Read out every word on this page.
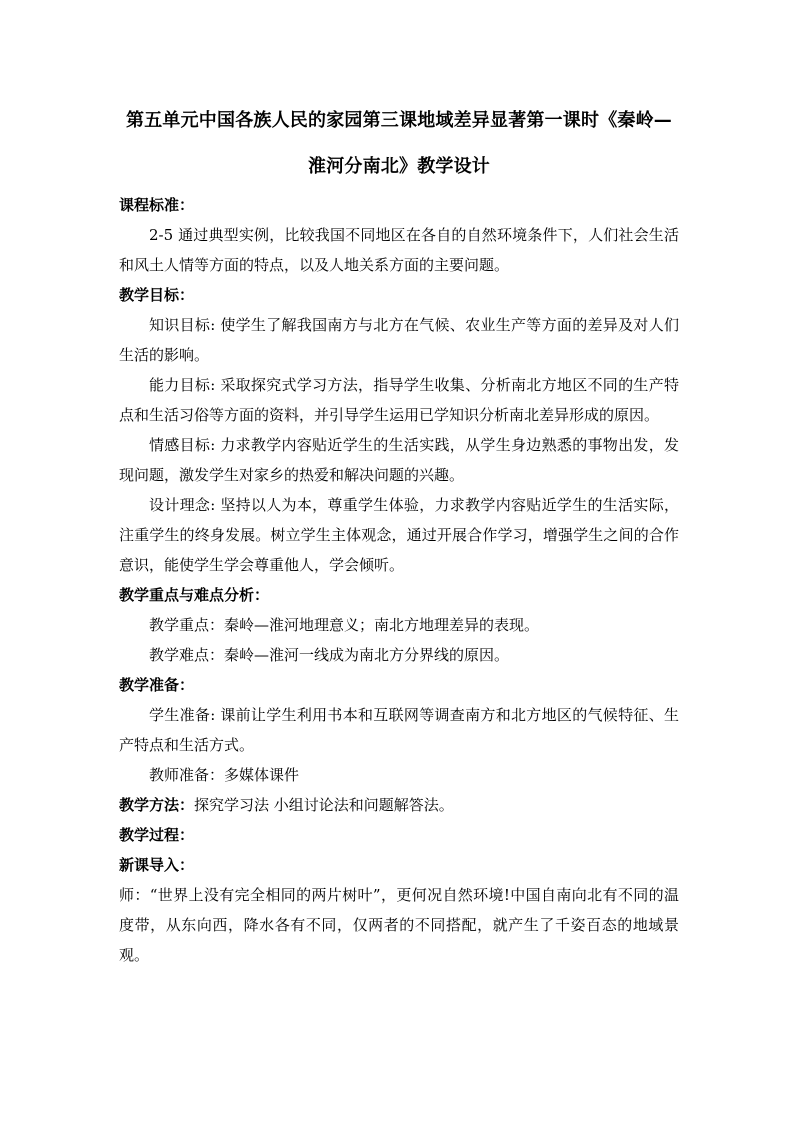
第五单元中国各族人民的家园第三课地域差异显著第一课时《秦岭—淮河分南北》教学设计

课程标准：

2-5 通过典型实例，比较我国不同地区在各自的自然环境条件下，人们社会生活和风土人情等方面的特点，以及人地关系方面的主要问题。

教学目标：

知识目标: 使学生了解我国南方与北方在气候、农业生产等方面的差异及对人们生活的影响。

能力目标: 采取探究式学习方法，指导学生收集、分析南北方地区不同的生产特点和生活习俗等方面的资料，并引导学生运用已学知识分析南北差异形成的原因。

情感目标: 力求教学内容贴近学生的生活实践，从学生身边熟悉的事物出发，发现问题，激发学生对家乡的热爱和解决问题的兴趣。

设计理念: 坚持以人为本，尊重学生体验，力求教学内容贴近学生的生活实际，注重学生的终身发展。树立学生主体观念，通过开展合作学习，增强学生之间的合作意识，能使学生学会尊重他人，学会倾听。

教学重点与难点分析：

教学重点：秦岭—淮河地理意义；南北方地理差异的表现。

教学难点：秦岭—淮河一线成为南北方分界线的原因。

教学准备：

学生准备: 课前让学生利用书本和互联网等调查南方和北方地区的气候特征、生产特点和生活方式。

教师准备：多媒体课件

教学方法：探究学习法 小组讨论法和问题解答法。

教学过程：

新课导入：

师：“世界上没有完全相同的两片树叶”，更何况自然环境!中国自南向北有不同的温度带，从东向西，降水各有不同，仅两者的不同搭配，就产生了千姿百态的地域景观。
